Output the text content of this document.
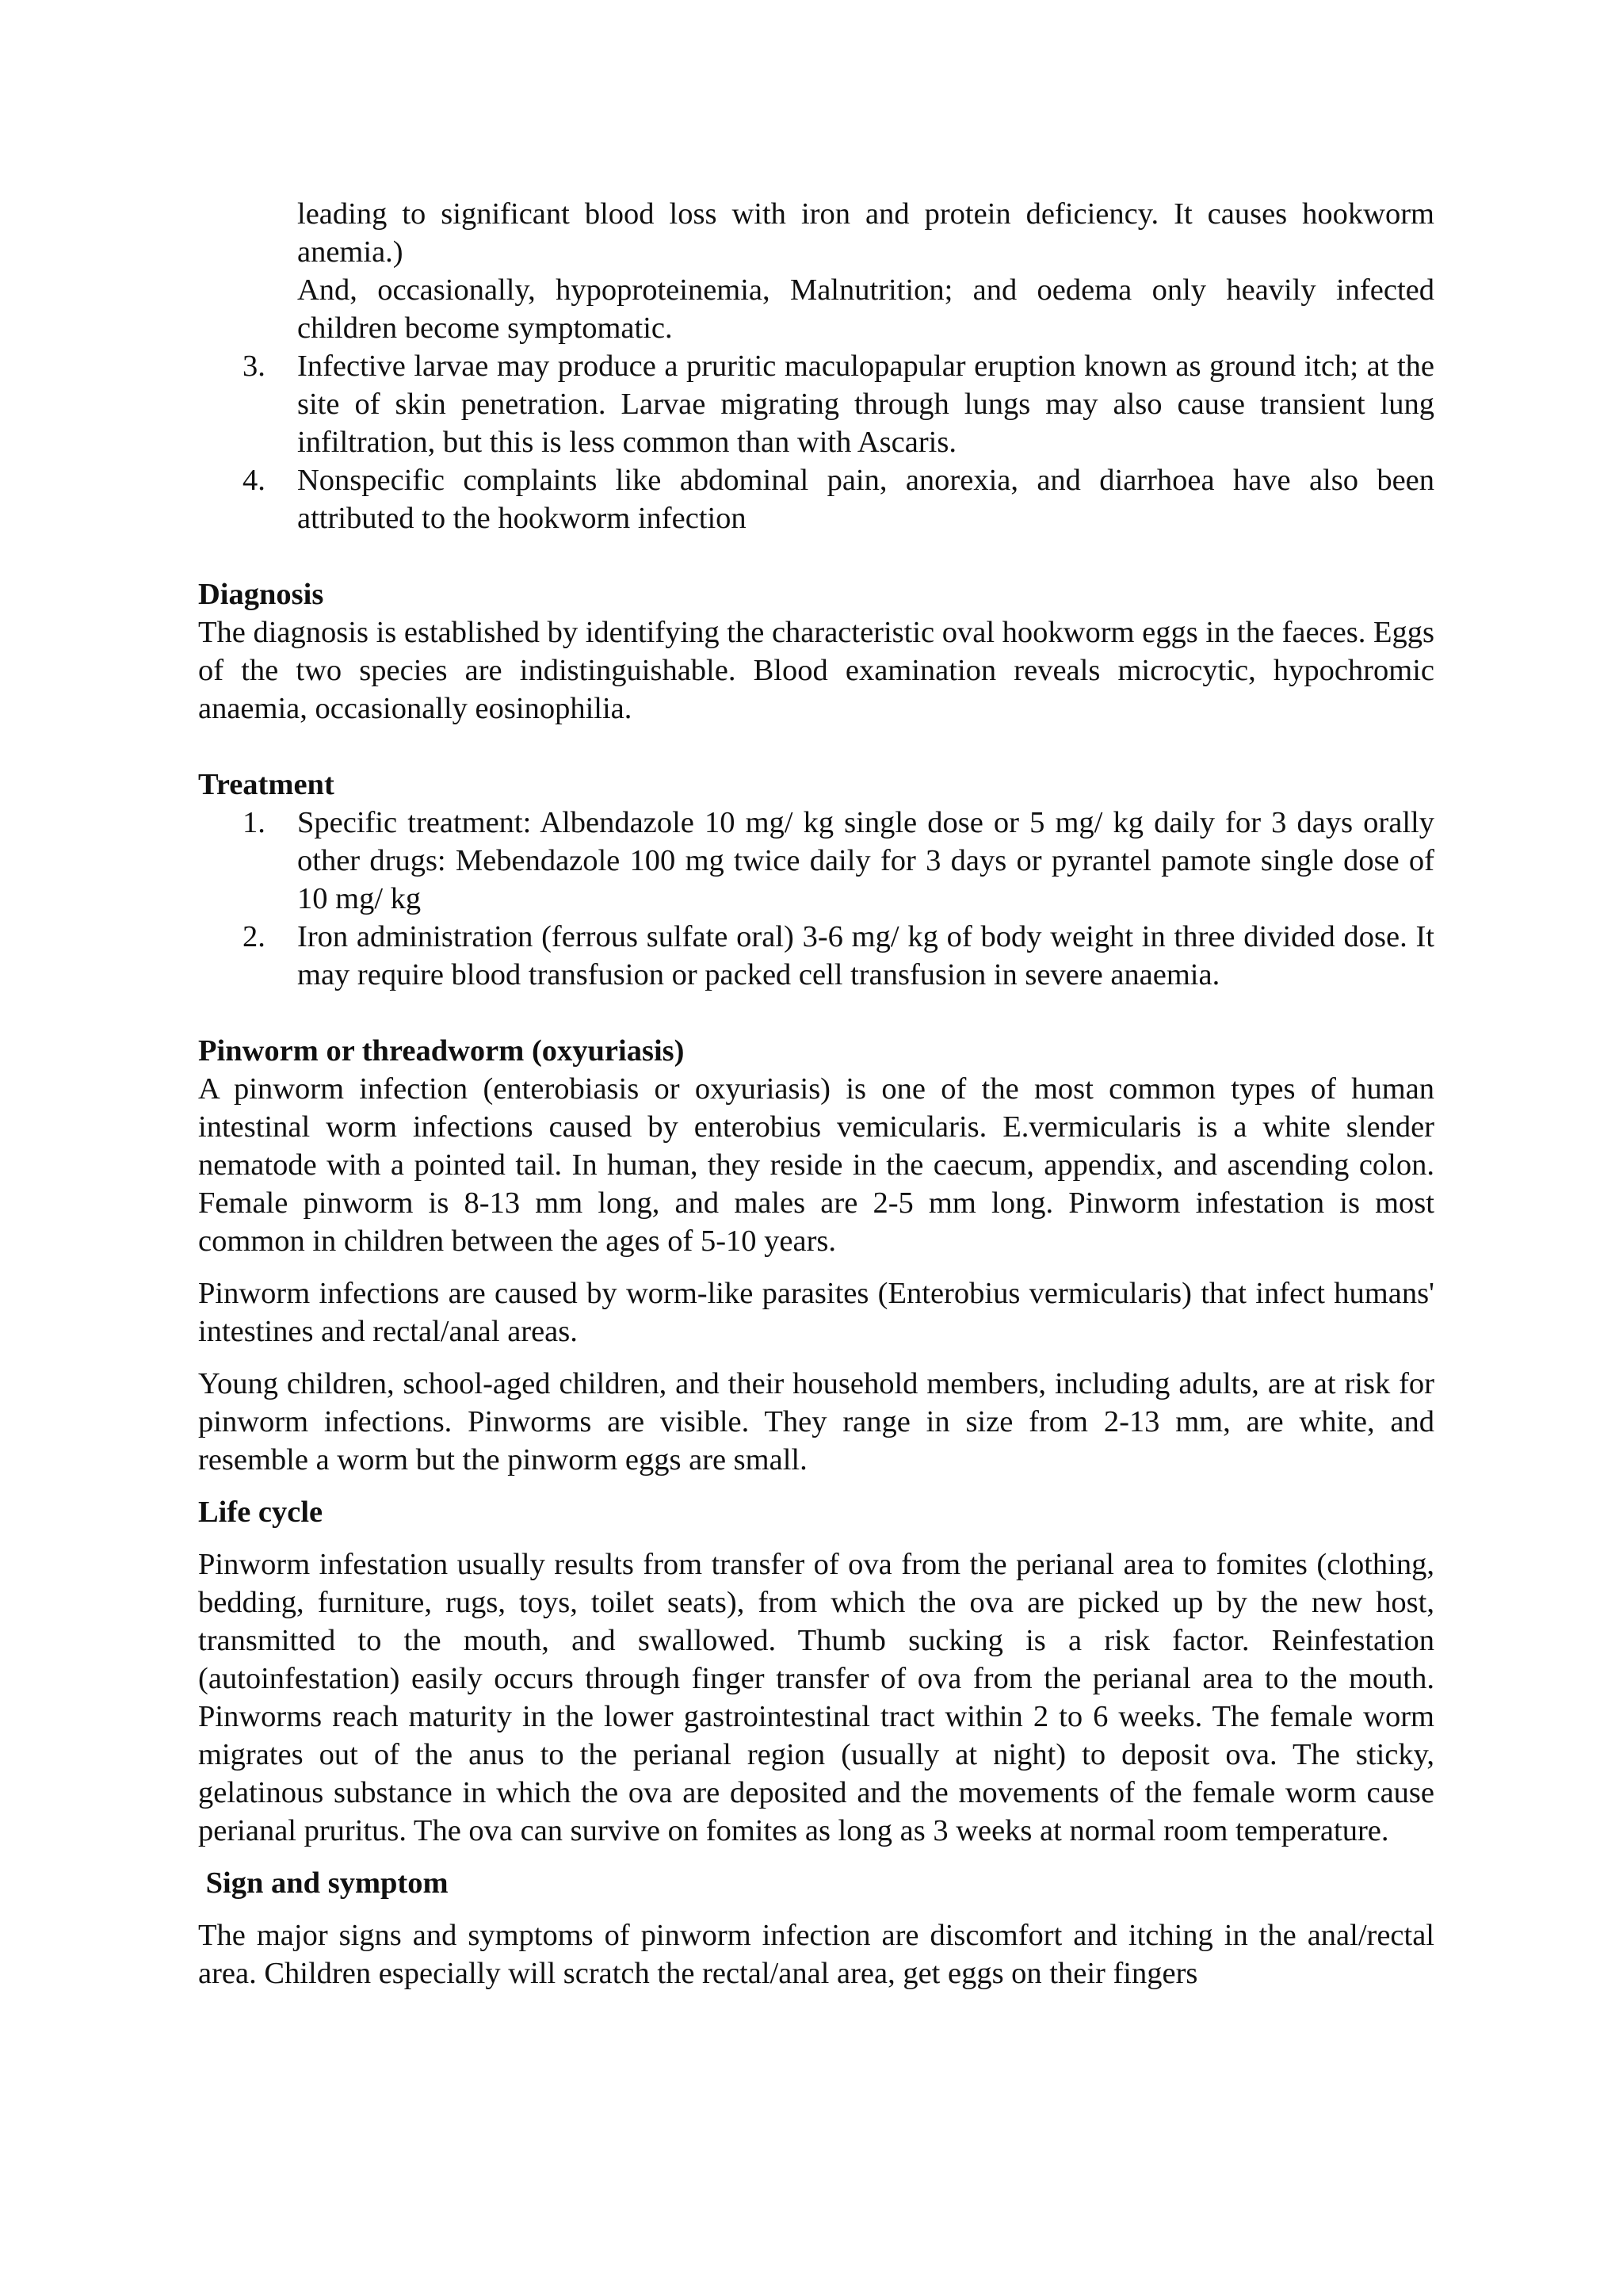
leading to significant blood loss with iron and protein deficiency. It causes hookworm anemia.)

And, occasionally, hypoproteinemia, Malnutrition; and oedema only heavily infected children become symptomatic.

3. Infective larvae may produce a pruritic maculopapular eruption known as ground itch; at the site of skin penetration. Larvae migrating through lungs may also cause transient lung infiltration, but this is less common than with Ascaris.
4. Nonspecific complaints like abdominal pain, anorexia, and diarrhoea have also been attributed to the hookworm infection
Diagnosis

The diagnosis is established by identifying the characteristic oval hookworm eggs in the faeces. Eggs of the two species are indistinguishable. Blood examination reveals microcytic, hypochromic anaemia, occasionally eosinophilia.

Treatment
1. Specific treatment: Albendazole 10 mg/ kg single dose or 5 mg/ kg daily for 3 days orally other drugs: Mebendazole 100 mg twice daily for 3 days or pyrantel pamote single dose of 10 mg/ kg
2. Iron administration (ferrous sulfate oral) 3-6 mg/ kg of body weight in three divided dose. It may require blood transfusion or packed cell transfusion in severe anaemia.
Pinworm or threadworm (oxyuriasis)

A pinworm infection (enterobiasis or oxyuriasis) is one of the most common types of human intestinal worm infections caused by enterobius vemicularis. E.vermicularis is a white slender nematode with a pointed tail. In human, they reside in the caecum, appendix, and ascending colon. Female pinworm is 8-13 mm long, and males are 2-5 mm long. Pinworm infestation is most common in children between the ages of 5-10 years.

Pinworm infections are caused by worm-like parasites (Enterobius vermicularis) that infect humans' intestines and rectal/anal areas.

Young children, school-aged children, and their household members, including adults, are at risk for pinworm infections. Pinworms are visible. They range in size from 2-13 mm, are white, and resemble a worm but the pinworm eggs are small.

Life cycle

Pinworm infestation usually results from transfer of ova from the perianal area to fomites (clothing, bedding, furniture, rugs, toys, toilet seats), from which the ova are picked up by the new host, transmitted to the mouth, and swallowed. Thumb sucking is a risk factor. Reinfestation (autoinfestation) easily occurs through finger transfer of ova from the perianal area to the mouth. Pinworms reach maturity in the lower gastrointestinal tract within 2 to 6 weeks. The female worm migrates out of the anus to the perianal region (usually at night) to deposit ova. The sticky, gelatinous substance in which the ova are deposited and the movements of the female worm cause perianal pruritus. The ova can survive on fomites as long as 3 weeks at normal room temperature.

Sign and symptom

The major signs and symptoms of pinworm infection are discomfort and itching in the anal/rectal area. Children especially will scratch the rectal/anal area, get eggs on their fingers
